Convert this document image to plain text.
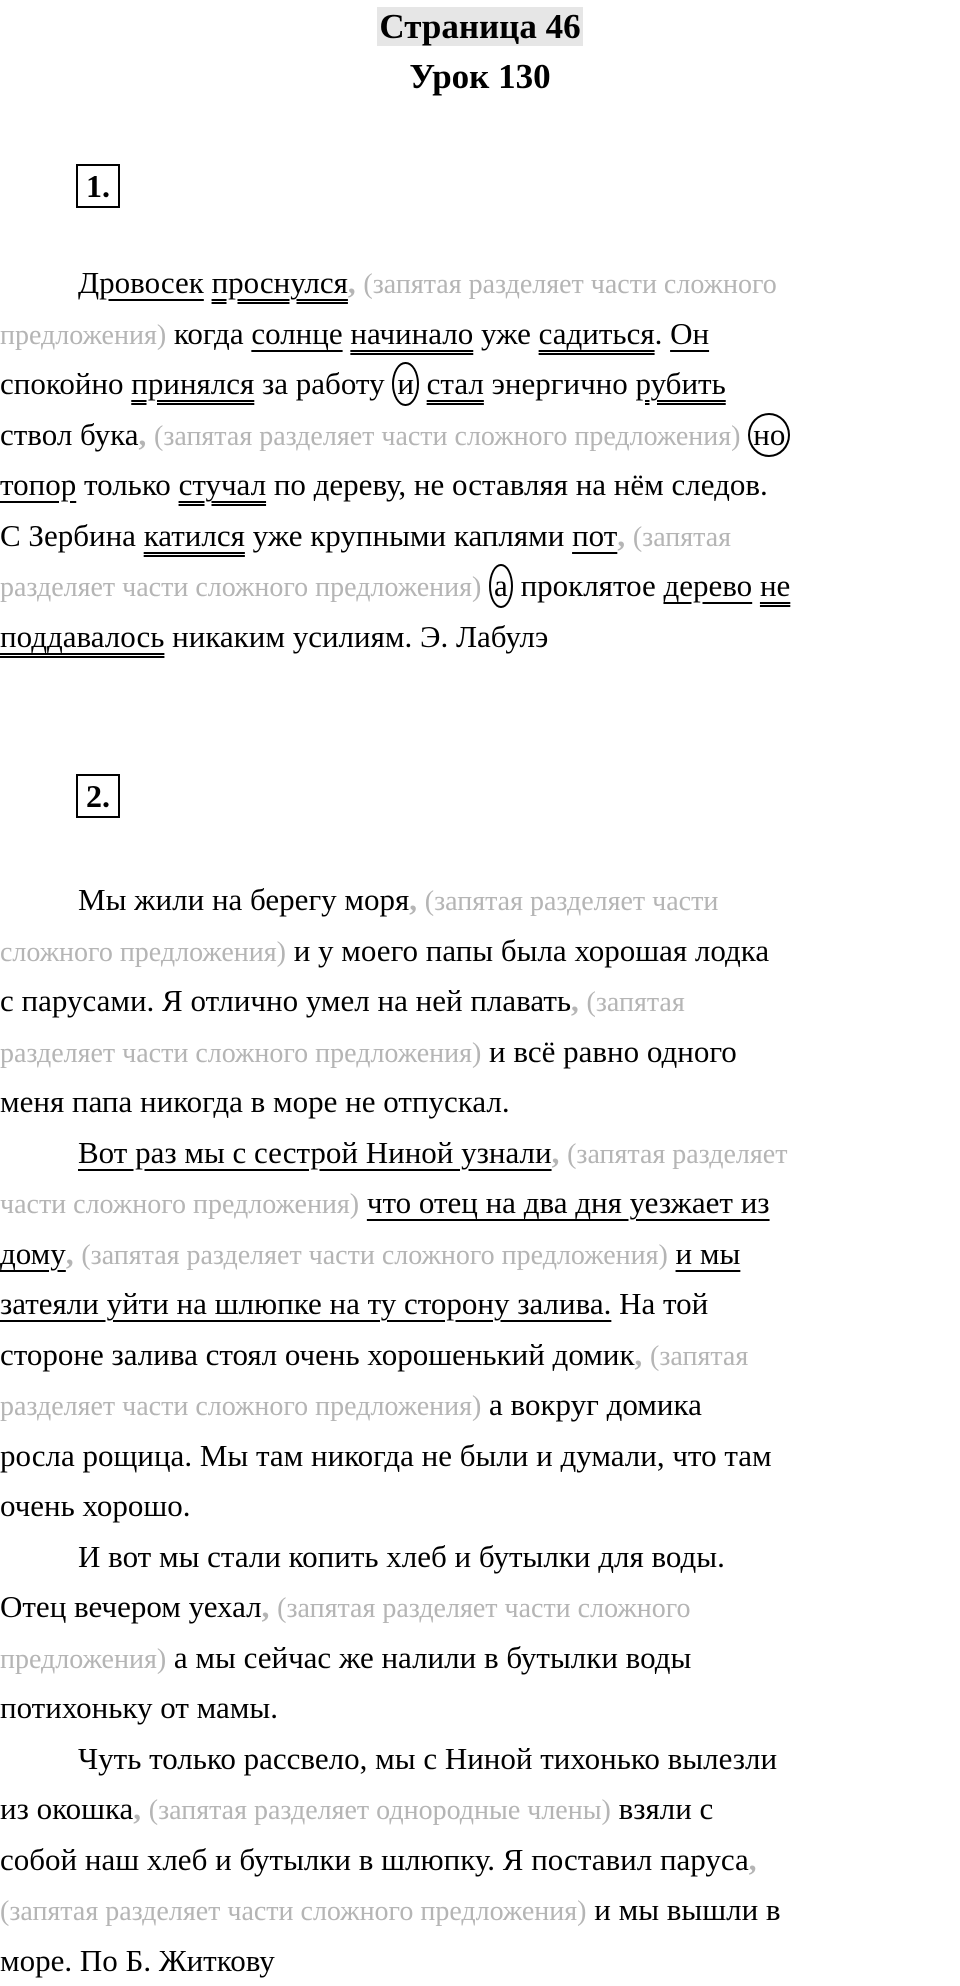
Страница 46
Урок 130
1.
Дровосек проснулся, (запятая разделяет части сложного
предложения) когда солнце начинало уже садиться. Он
спокойно принялся за работу и стал энергично рубить
ствол бука, (запятая разделяет части сложного предложения) но
топор только стучал по дереву, не оставляя на нём следов.
С Зербина катился уже крупными каплями пот, (запятая
разделяет части сложного предложения) а проклятое дерево не
поддавалось никаким усилиям. Э. Лабулэ
2.
Мы жили на берегу моря, (запятая разделяет части
сложного предложения) и у моего папы была хорошая лодка
с парусами. Я отлично умел на ней плавать, (запятая
разделяет части сложного предложения) и всё равно одного
меня папа никогда в море не отпускал.
Вот раз мы с сестрой Ниной узнали, (запятая разделяет
части сложного предложения) что отец на два дня уезжает из
дому, (запятая разделяет части сложного предложения) и мы
затеяли уйти на шлюпке на ту сторону залива. На той
стороне залива стоял очень хорошенький домик, (запятая
разделяет части сложного предложения) а вокруг домика
росла рощица. Мы там никогда не были и думали, что там
очень хорошо.
И вот мы стали копить хлеб и бутылки для воды.
Отец вечером уехал, (запятая разделяет части сложного
предложения) а мы сейчас же налили в бутылки воды
потихоньку от мамы.
Чуть только рассвело, мы с Ниной тихонько вылезли
из окошка, (запятая разделяет однородные члены) взяли с
собой наш хлеб и бутылки в шлюпку. Я поставил паруса,
(запятая разделяет части сложного предложения) и мы вышли в
море. По Б. Житкову
